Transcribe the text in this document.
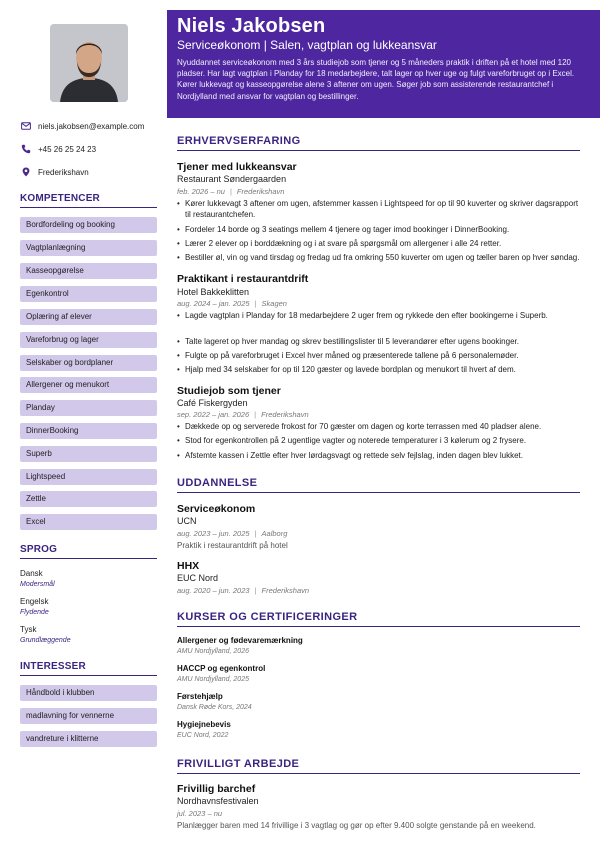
niels.jakobsen@example.com
+45 26 25 24 23
Frederikshavn
KOMPETENCER
Bordfordeling og booking
Vagtplanlægning
Kasseopgørelse
Egenkontrol
Oplæring af elever
Vareforbrug og lager
Selskaber og bordplaner
Allergener og menukort
Planday
DinnerBooking
Superb
Lightspeed
Zettle
Excel
SPROG
Dansk
Modersmål
Engelsk
Flydende
Tysk
Grundlæggende
INTERESSER
Håndbold i klubben
madlavning for vennerne
vandreture i klitterne
Niels Jakobsen
Serviceøkonom | Salen, vagtplan og lukkeansvar
Nyuddannet serviceøkonom med 3 års studiejob som tjener og 5 måneders praktik i driften på et hotel med 120 pladser. Har lagt vagtplan i Planday for 18 medarbejdere, talt lager op hver uge og fulgt vareforbruget op i Excel. Kører lukkevagt og kasseopgørelse alene 3 aftener om ugen. Søger job som assisterende restaurantchef i Nordjylland med ansvar for vagtplan og bestillinger.
ERHVERVSERFARING
Tjener med lukkeansvar
Restaurant Søndergaarden
feb. 2026 – nu | Frederikshavn
• Kører lukkevagt 3 aftener om ugen, afstemmer kassen i Lightspeed for op til 90 kuverter og skriver dagsrapport til restaurantchefen.
• Fordeler 14 borde og 3 seatings mellem 4 tjenere og tager imod bookinger i DinnerBooking.
• Lærer 2 elever op i borddækning og i at svare på spørgsmål om allergener i alle 24 retter.
• Bestiller øl, vin og vand tirsdag og fredag ud fra omkring 550 kuverter om ugen og tæller baren op hver søndag.
Praktikant i restaurantdrift
Hotel Bakkeklitten
aug. 2024 – jan. 2025 | Skagen
• Lagde vagtplan i Planday for 18 medarbejdere 2 uger frem og rykkede den efter bookingerne i Superb.
• Talte lageret op hver mandag og skrev bestillingslister til 5 leverandører efter ugens bookinger.
• Fulgte op på vareforbruget i Excel hver måned og præsenterede tallene på 6 personalemøder.
• Hjalp med 34 selskaber for op til 120 gæster og lavede bordplan og menukort til hvert af dem.
Studiejob som tjener
Café Fiskergyden
sep. 2022 – jan. 2026 | Frederikshavn
• Dækkede op og serverede frokost for 70 gæster om dagen og korte terrassen med 40 pladser alene.
• Stod for egenkontrollen på 2 ugentlige vagter og noterede temperaturer i 3 kølerum og 2 frysere.
• Afstemte kassen i Zettle efter hver lørdagsvagt og rettede selv fejlslag, inden dagen blev lukket.
UDDANNELSE
Serviceøkonom
UCN
aug. 2023 – jun. 2025 | Aalborg
Praktik i restaurantdrift på hotel
HHX
EUC Nord
aug. 2020 – jun. 2023 | Frederikshavn
KURSER OG CERTIFICERINGER
Allergener og fødevaremærkning
AMU Nordjylland, 2026
HACCP og egenkontrol
AMU Nordjylland, 2025
Førstehjælp
Dansk Røde Kors, 2024
Hygiejnebevis
EUC Nord, 2022
FRIVILLIGT ARBEJDE
Frivillig barchef
Nordhavnsfestivalen
jul. 2023 – nu
Planlægger baren med 14 frivillige i 3 vagtlag og gør op efter 9.400 solgte genstande på en weekend.
